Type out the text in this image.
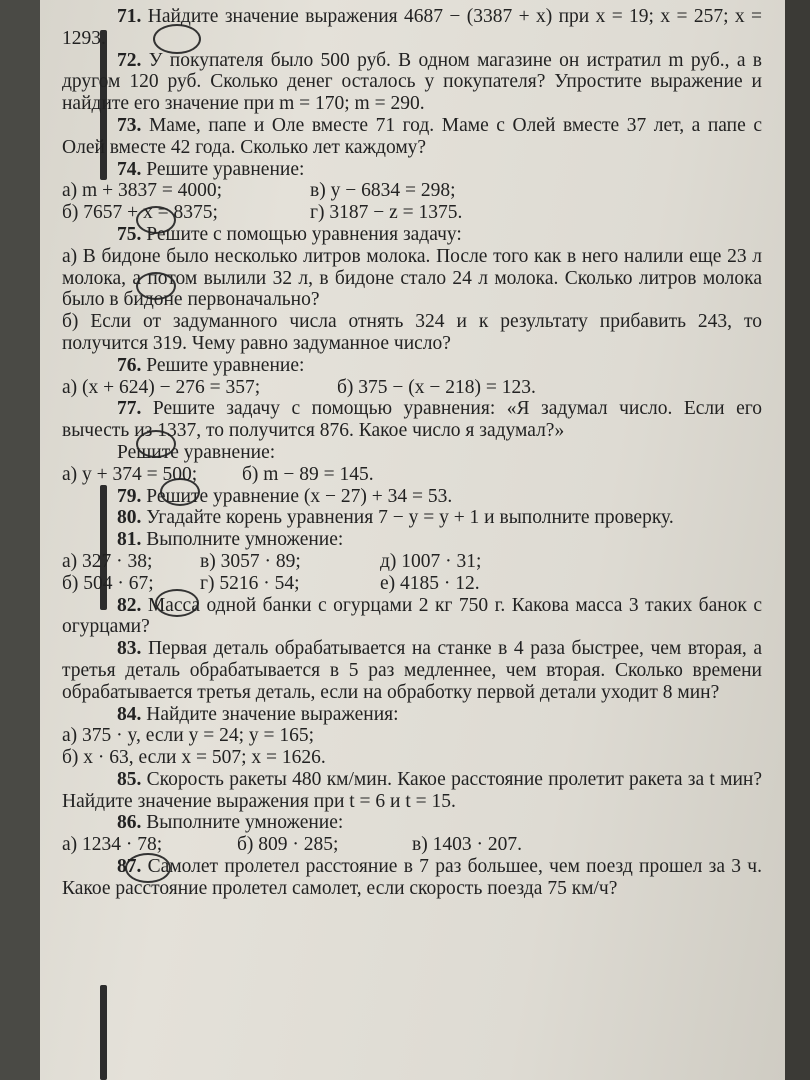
71. Найдите значение выражения 4687 − (3387 + x) при x = 19; x = 257; x = 1293.

72. У покупателя было 500 руб. В одном магазине он истратил m руб., а в другом 120 руб. Сколько денег осталось у покупателя? Упростите выражение и найдите его значение при m = 170; m = 290.

73. Маме, папе и Оле вместе 71 год. Маме с Олей вместе 37 лет, а папе с Олей вместе 42 года. Сколько лет каждому?

74. Решите уравнение:

а) m + 3837 = 4000;	в) y − 6834 = 298;
б) 7657 + x = 8375;	г) 3187 − z = 1375.

75. Решите с помощью уравнения задачу:

а) В бидоне было несколько литров молока. После того как в него налили еще 23 л молока, а потом вылили 32 л, в бидоне стало 24 л молока. Сколько литров молока было в бидоне первоначально?

б) Если от задуманного числа отнять 324 и к результату прибавить 243, то получится 319. Чему равно задуманное число?

76. Решите уравнение:

а) (x + 624) − 276 = 357;	б) 375 − (x − 218) = 123.

77. Решите задачу с помощью уравнения: «Я задумал число. Если его вычесть из 1337, то получится 876. Какое число я задумал?»

Решите уравнение:

а) y + 374 = 500;	б) m − 89 = 145.

79. Решите уравнение (x − 27) + 34 = 53.

80. Угадайте корень уравнения 7 − y = y + 1 и выполните проверку.

81. Выполните умножение:

а) 327 · 38;	в) 3057 · 89;	д) 1007 · 31;
б) 504 · 67;	г) 5216 · 54;	е) 4185 · 12.

82. Масса одной банки с огурцами 2 кг 750 г. Какова масса 3 таких банок с огурцами?

83. Первая деталь обрабатывается на станке в 4 раза быстрее, чем вторая, а третья деталь обрабатывается в 5 раз медленнее, чем вторая. Сколько времени обрабатывается третья деталь, если на обработку первой детали уходит 8 мин?

84. Найдите значение выражения:

а) 375 · y, если y = 24; y = 165;
б) x · 63, если x = 507; x = 1626.

85. Скорость ракеты 480 км/мин. Какое расстояние пролетит ракета за t мин? Найдите значение выражения при t = 6 и t = 15.

86. Выполните умножение:

а) 1234 · 78;	б) 809 · 285;	в) 1403 · 207.

87. Самолет пролетел расстояние в 7 раз большее, чем поезд прошел за 3 ч. Какое расстояние пролетел самолет, если скорость поезда 75 км/ч?
